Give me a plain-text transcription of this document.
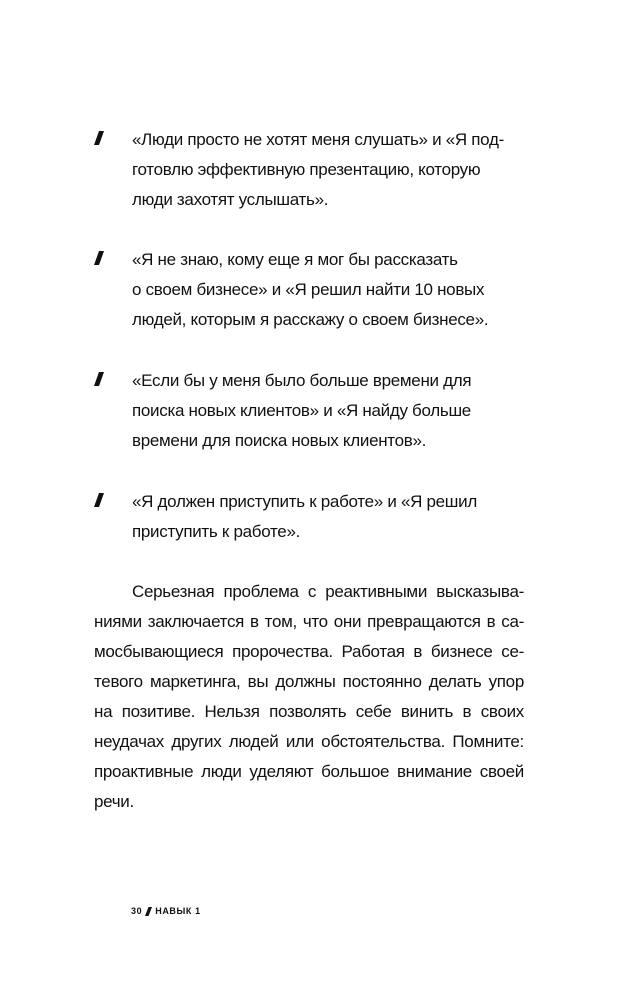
«Люди просто не хотят меня слушать» и «Я под-
готовлю эффективную презентацию, которую
люди захотят услышать».
«Я не знаю, кому еще я мог бы рассказать
о своем бизнесе» и «Я решил найти 10 новых
людей, которым я расскажу о своем бизнесе».
«Если бы у меня было больше времени для
поиска новых клиентов» и «Я найду больше
времени для поиска новых клиентов».
«Я должен приступить к работе» и «Я решил
приступить к работе».
Серьезная проблема с реактивными высказыва-
ниями заключается в том, что они превращаются в са-
мосбывающиеся пророчества. Работая в бизнесе се-
тевого маркетинга, вы должны постоянно делать упор
на позитиве. Нельзя позволять себе винить в своих
неудачах других людей или обстоятельства. Помните:
проактивные люди уделяют большое внимание своей
речи.
30 НАВЫК 1
